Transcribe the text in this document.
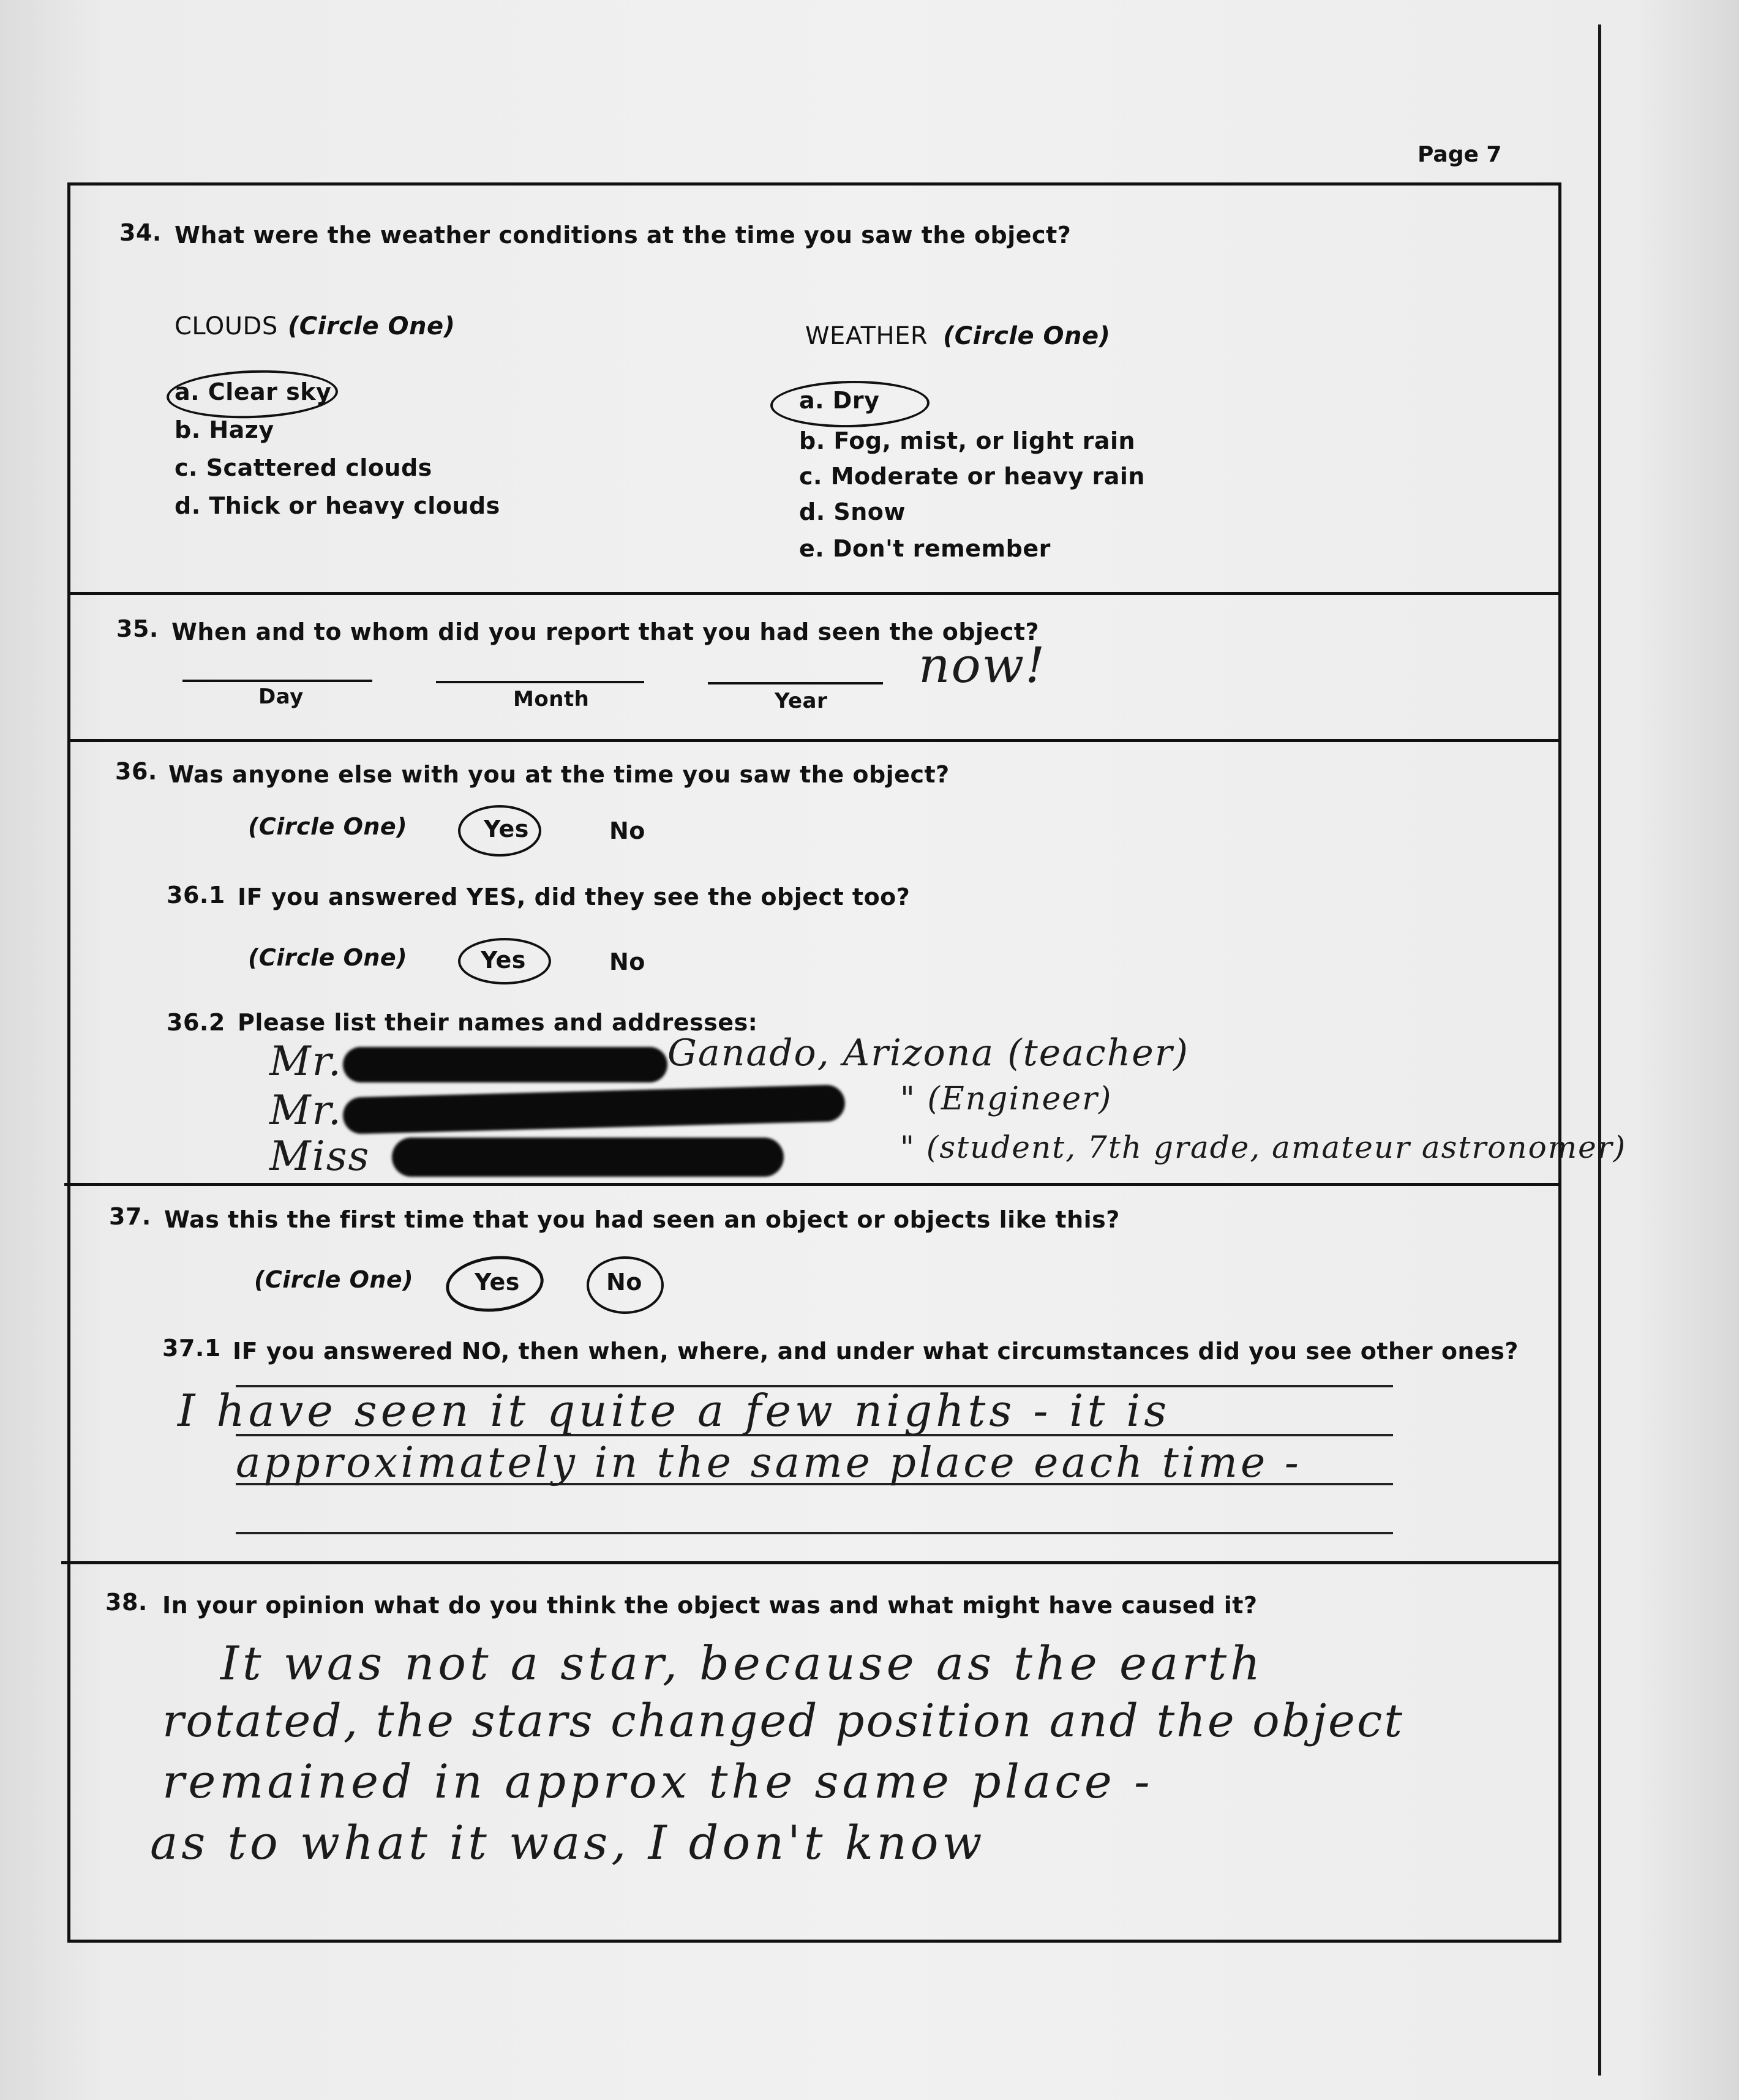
Page 7
34. What were the weather conditions at the time you saw the object?
CLOUDS (Circle One)
a. Clear sky
b. Hazy
c. Scattered clouds
d. Thick or heavy clouds
WEATHER (Circle One)
a. Dry
b. Fog, mist, or light rain
c. Moderate or heavy rain
d. Snow
e. Don't remember
35. When and to whom did you report that you had seen the object?
Day	Month	Year
now!
36. Was anyone else with you at the time you saw the object?
(Circle One)	Yes	No
36.1 IF you answered YES, did they see the object too?
(Circle One)	Yes	No
36.2 Please list their names and addresses:
Mr.	Ganado, Arizona (teacher)
Mr.	" (Engineer)
Miss	" (student, 7th grade, amateur astronomer)
37. Was this the first time that you had seen an object or objects like this?
(Circle One)	Yes	No
37.1 IF you answered NO, then when, where, and under what circumstances did you see other ones?
I have seen it quite a few nights - it is
approximately in the same place each time -
38. In your opinion what do you think the object was and what might have caused it?
It was not a star, because as the earth
rotated, the stars changed position and the object
remained in approx the same place -
as to what it was, I don't know
